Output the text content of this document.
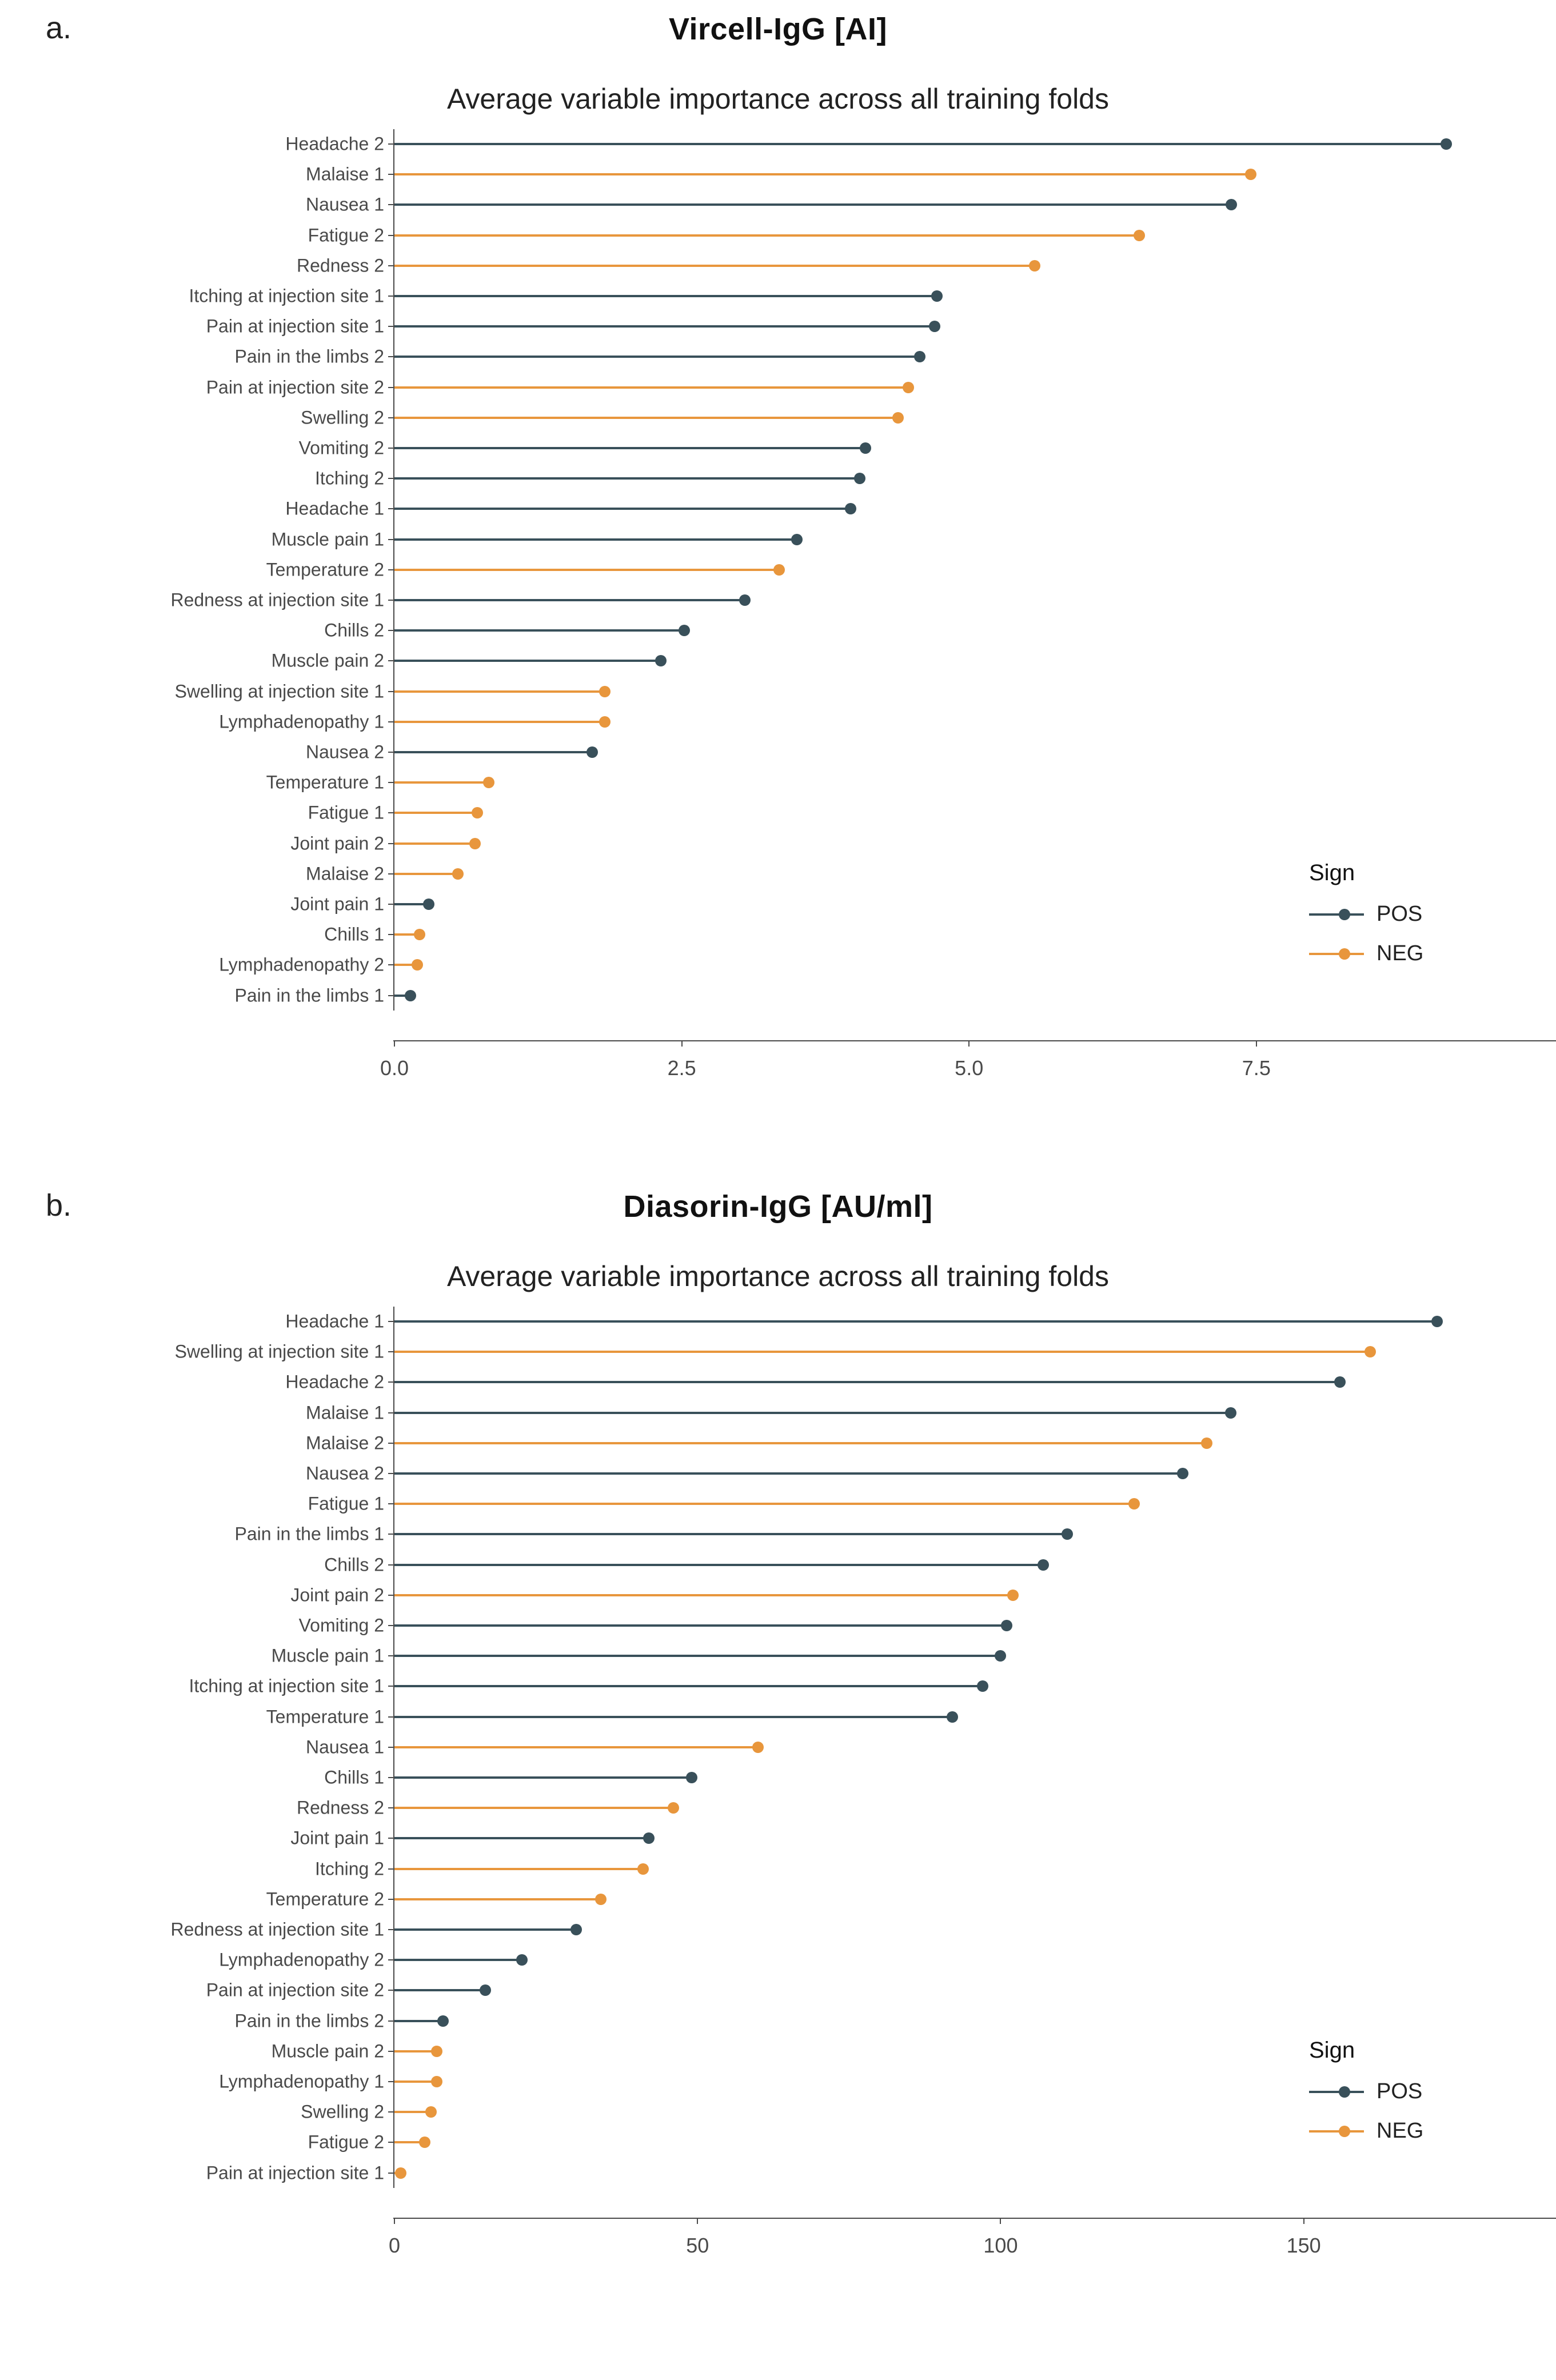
a.	Vircell-IgG [AI]
Average variable importance across all training folds
Headache 2
Malaise 1
Nausea 1
Fatigue 2
Redness 2
Itching at injection site 1
Pain at injection site 1
Pain in the limbs 2
Pain at injection site 2
Swelling 2
Vomiting 2
Itching 2
Headache 1
Muscle pain 1
Temperature 2
Redness at injection site 1
Chills 2
Muscle pain 2
Swelling at injection site 1
Lymphadenopathy 1
Nausea 2
Temperature 1
Fatigue 1
Joint pain 2
Malaise 2
Joint pain 1
Chills 1
Lymphadenopathy 2
Pain in the limbs 1
0.0	2.5	5.0	7.5
Sign
POS
NEG
b.	Diasorin-IgG [AU/ml]
Average variable importance across all training folds
Headache 1
Swelling at injection site 1
Headache 2
Malaise 1
Malaise 2
Nausea 2
Fatigue 1
Pain in the limbs 1
Chills 2
Joint pain 2
Vomiting 2
Muscle pain 1
Itching at injection site 1
Temperature 1
Nausea 1
Chills 1
Redness 2
Joint pain 1
Itching 2
Temperature 2
Redness at injection site 1
Lymphadenopathy 2
Pain at injection site 2
Pain in the limbs 2
Muscle pain 2
Lymphadenopathy 1
Swelling 2
Fatigue 2
Pain at injection site 1
0	50	100	150
Sign
POS
NEG
